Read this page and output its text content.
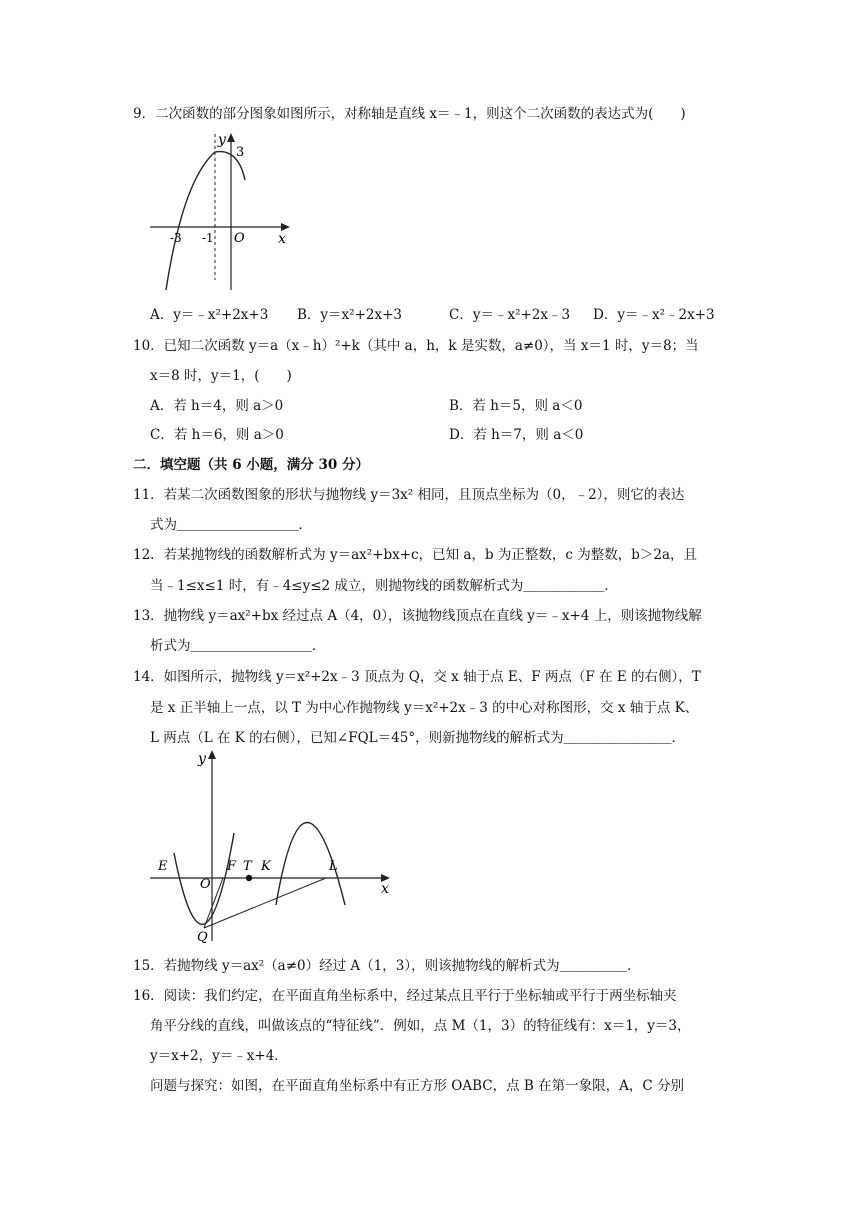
9．二次函数的部分图象如图所示，对称轴是直线 x＝﹣1，则这个二次函数的表达式为(　　)
y
3
-3 -1 O x
A．y＝﹣x²+2x+3 B．y＝x²+2x+3	C．y＝﹣x²+2x﹣3 D．y＝﹣x²﹣2x+3
10．已知二次函数 y＝a（x﹣h）²+k（其中 a，h，k 是实数，a≠0），当 x＝1 时，y＝8；当
x＝8 时，y＝1，(　　)
A．若 h＝4，则 a＞0	B．若 h＝5，则 a＜0
C．若 h＝6，则 a＞0	D．若 h＝7，则 a＜0
二．填空题（共 6 小题，满分 30 分）
11．若某二次函数图象的形状与抛物线 y＝3x² 相同，且顶点坐标为（0，﹣2），则它的表达
式为＿＿＿＿＿＿＿＿＿．
12．若某抛物线的函数解析式为 y＝ax²+bx+c，已知 a，b 为正整数，c 为整数，b＞2a，且
当﹣1≤x≤1 时，有﹣4≤y≤2 成立，则抛物线的函数解析式为＿＿＿＿＿＿．
13．抛物线 y＝ax²+bx 经过点 A（4，0），该抛物线顶点在直线 y＝﹣x+4 上，则该抛物线解
析式为＿＿＿＿＿＿＿＿＿．
14．如图所示，抛物线 y＝x²+2x﹣3 顶点为 Q，交 x 轴于点 E、F 两点（F 在 E 的右侧），T
是 x 正半轴上一点，以 T 为中心作抛物线 y＝x²+2x﹣3 的中心对称图形，交 x 轴于点 K、
L 两点（L 在 K 的右侧），已知∠FQL＝45°，则新抛物线的解析式为＿＿＿＿＿＿＿＿．
y
E
O
F T K	L
Q
x
15．若抛物线 y＝ax²（a≠0）经过 A（1，3），则该抛物线的解析式为＿＿＿＿＿．
16．阅读：我们约定，在平面直角坐标系中，经过某点且平行于坐标轴或平行于两坐标轴夹
角平分线的直线，叫做该点的“特征线”．例如，点 M（1，3）的特征线有：x＝1，y＝3，
y＝x+2，y＝﹣x+4．
问题与探究：如图，在平面直角坐标系中有正方形 OABC，点 B 在第一象限，A，C 分别
